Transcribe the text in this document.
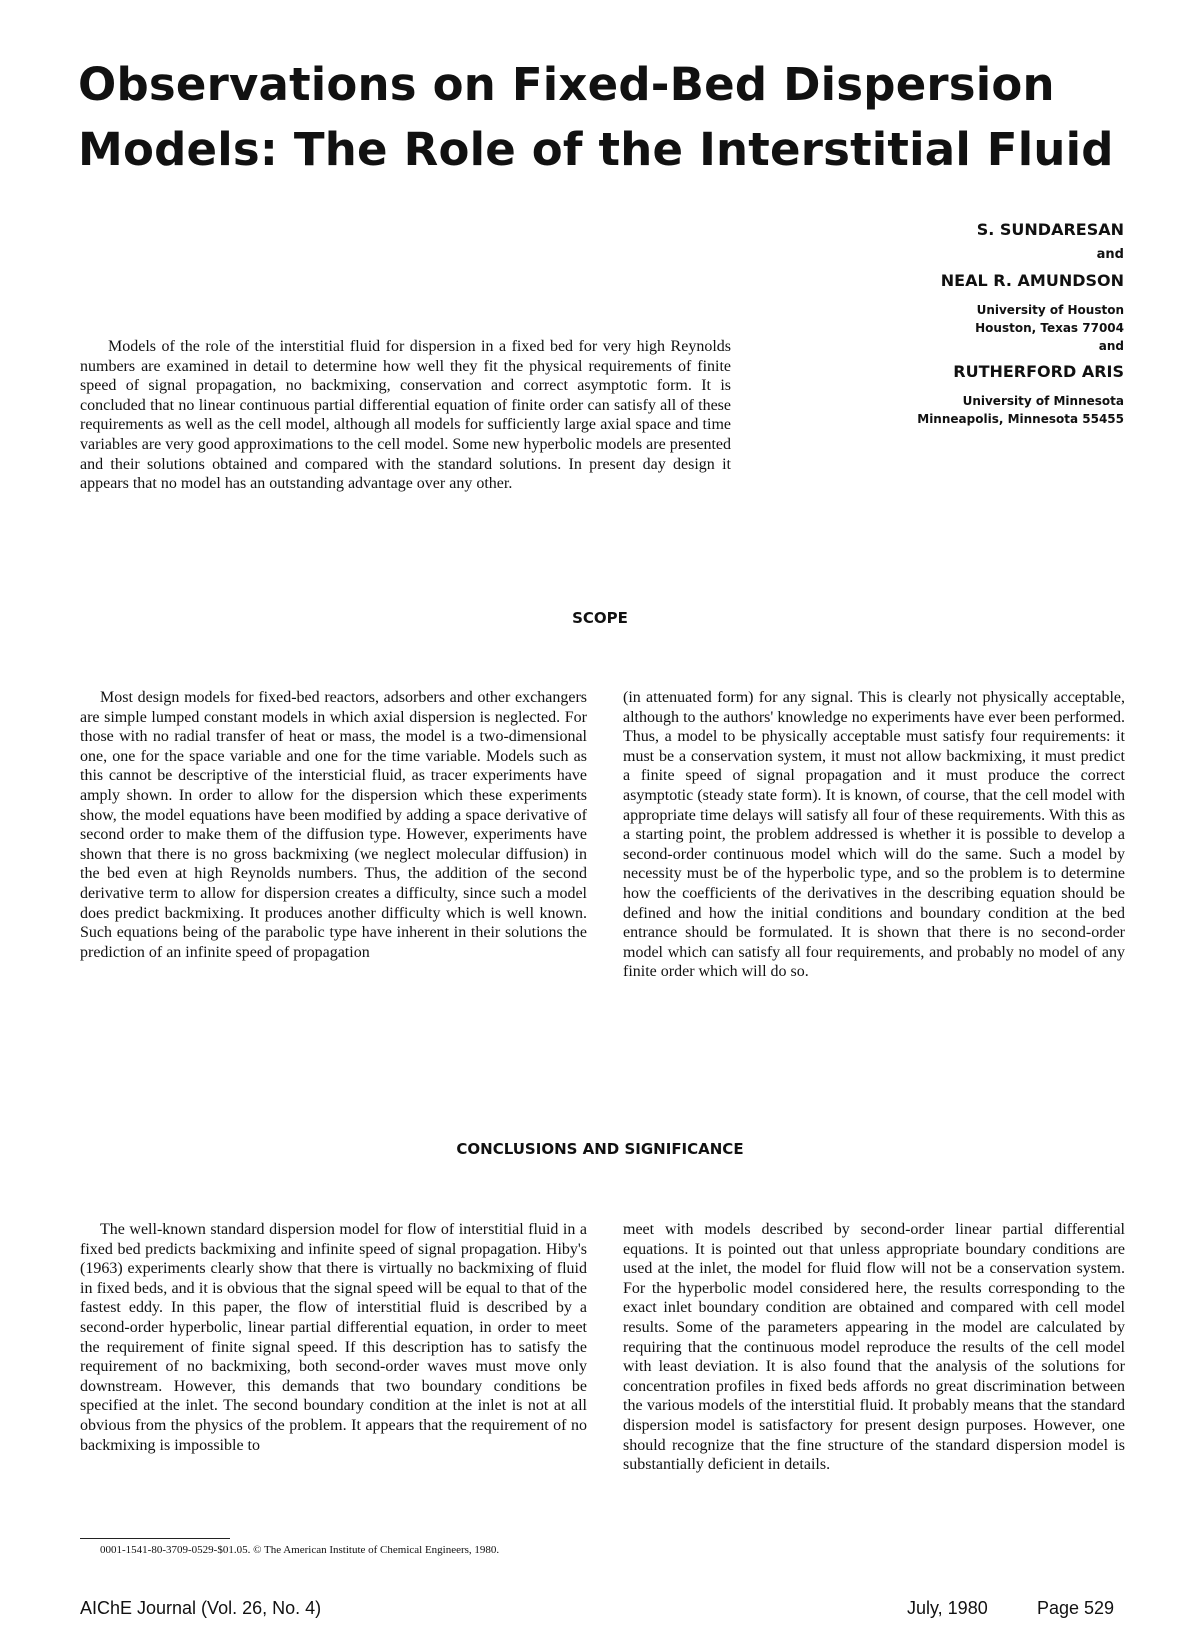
Observations on Fixed-Bed Dispersion Models: The Role of the Interstitial Fluid
S. SUNDARESAN
and
NEAL R. AMUNDSON
University of Houston
Houston, Texas 77004
and
RUTHERFORD ARIS
University of Minnesota
Minneapolis, Minnesota 55455

Models of the role of the interstitial fluid for dispersion in a fixed bed for very high Reynolds numbers are examined in detail to determine how well they fit the physical requirements of finite speed of signal propagation, no backmixing, conservation and correct asymptotic form. It is concluded that no linear continuous partial differential equation of finite order can satisfy all of these requirements as well as the cell model, although all models for sufficiently large axial space and time variables are very good approximations to the cell model. Some new hyperbolic models are presented and their solutions obtained and compared with the standard solutions. In present day design it appears that no model has an outstanding advantage over any other.

SCOPE

Most design models for fixed-bed reactors, adsorbers and other exchangers are simple lumped constant models in which axial dispersion is neglected. For those with no radial transfer of heat or mass, the model is a two-dimensional one, one for the space variable and one for the time variable. Models such as this cannot be descriptive of the intersticial fluid, as tracer experiments have amply shown. In order to allow for the dispersion which these experiments show, the model equations have been modified by adding a space derivative of second order to make them of the diffusion type. However, experiments have shown that there is no gross backmixing (we neglect molecular diffusion) in the bed even at high Reynolds numbers. Thus, the addition of the second derivative term to allow for dispersion creates a difficulty, since such a model does predict backmixing. It produces another difficulty which is well known. Such equations being of the parabolic type have inherent in their solutions the prediction of an infinite speed of propagation

(in attenuated form) for any signal. This is clearly not physically acceptable, although to the authors' knowledge no experiments have ever been performed. Thus, a model to be physically acceptable must satisfy four requirements: it must be a conservation system, it must not allow backmixing, it must predict a finite speed of signal propagation and it must produce the correct asymptotic (steady state form). It is known, of course, that the cell model with appropriate time delays will satisfy all four of these requirements. With this as a starting point, the problem addressed is whether it is possible to develop a second-order continuous model which will do the same. Such a model by necessity must be of the hyperbolic type, and so the problem is to determine how the coefficients of the derivatives in the describing equation should be defined and how the initial conditions and boundary condition at the bed entrance should be formulated. It is shown that there is no second-order model which can satisfy all four requirements, and probably no model of any finite order which will do so.

CONCLUSIONS AND SIGNIFICANCE

The well-known standard dispersion model for flow of interstitial fluid in a fixed bed predicts backmixing and infinite speed of signal propagation. Hiby's (1963) experiments clearly show that there is virtually no backmixing of fluid in fixed beds, and it is obvious that the signal speed will be equal to that of the fastest eddy. In this paper, the flow of interstitial fluid is described by a second-order hyperbolic, linear partial differential equation, in order to meet the requirement of finite signal speed. If this description has to satisfy the requirement of no backmixing, both second-order waves must move only downstream. However, this demands that two boundary conditions be specified at the inlet. The second boundary condition at the inlet is not at all obvious from the physics of the problem. It appears that the requirement of no backmixing is impossible to

meet with models described by second-order linear partial differential equations. It is pointed out that unless appropriate boundary conditions are used at the inlet, the model for fluid flow will not be a conservation system. For the hyperbolic model considered here, the results corresponding to the exact inlet boundary condition are obtained and compared with cell model results. Some of the parameters appearing in the model are calculated by requiring that the continuous model reproduce the results of the cell model with least deviation. It is also found that the analysis of the solutions for concentration profiles in fixed beds affords no great discrimination between the various models of the interstitial fluid. It probably means that the standard dispersion model is satisfactory for present design purposes. However, one should recognize that the fine structure of the standard dispersion model is substantially deficient in details.

0001-1541-80-3709-0529-$01.05. © The American Institute of Chemical Engineers, 1980.

AIChE Journal (Vol. 26, No. 4)	July, 1980	Page 529
